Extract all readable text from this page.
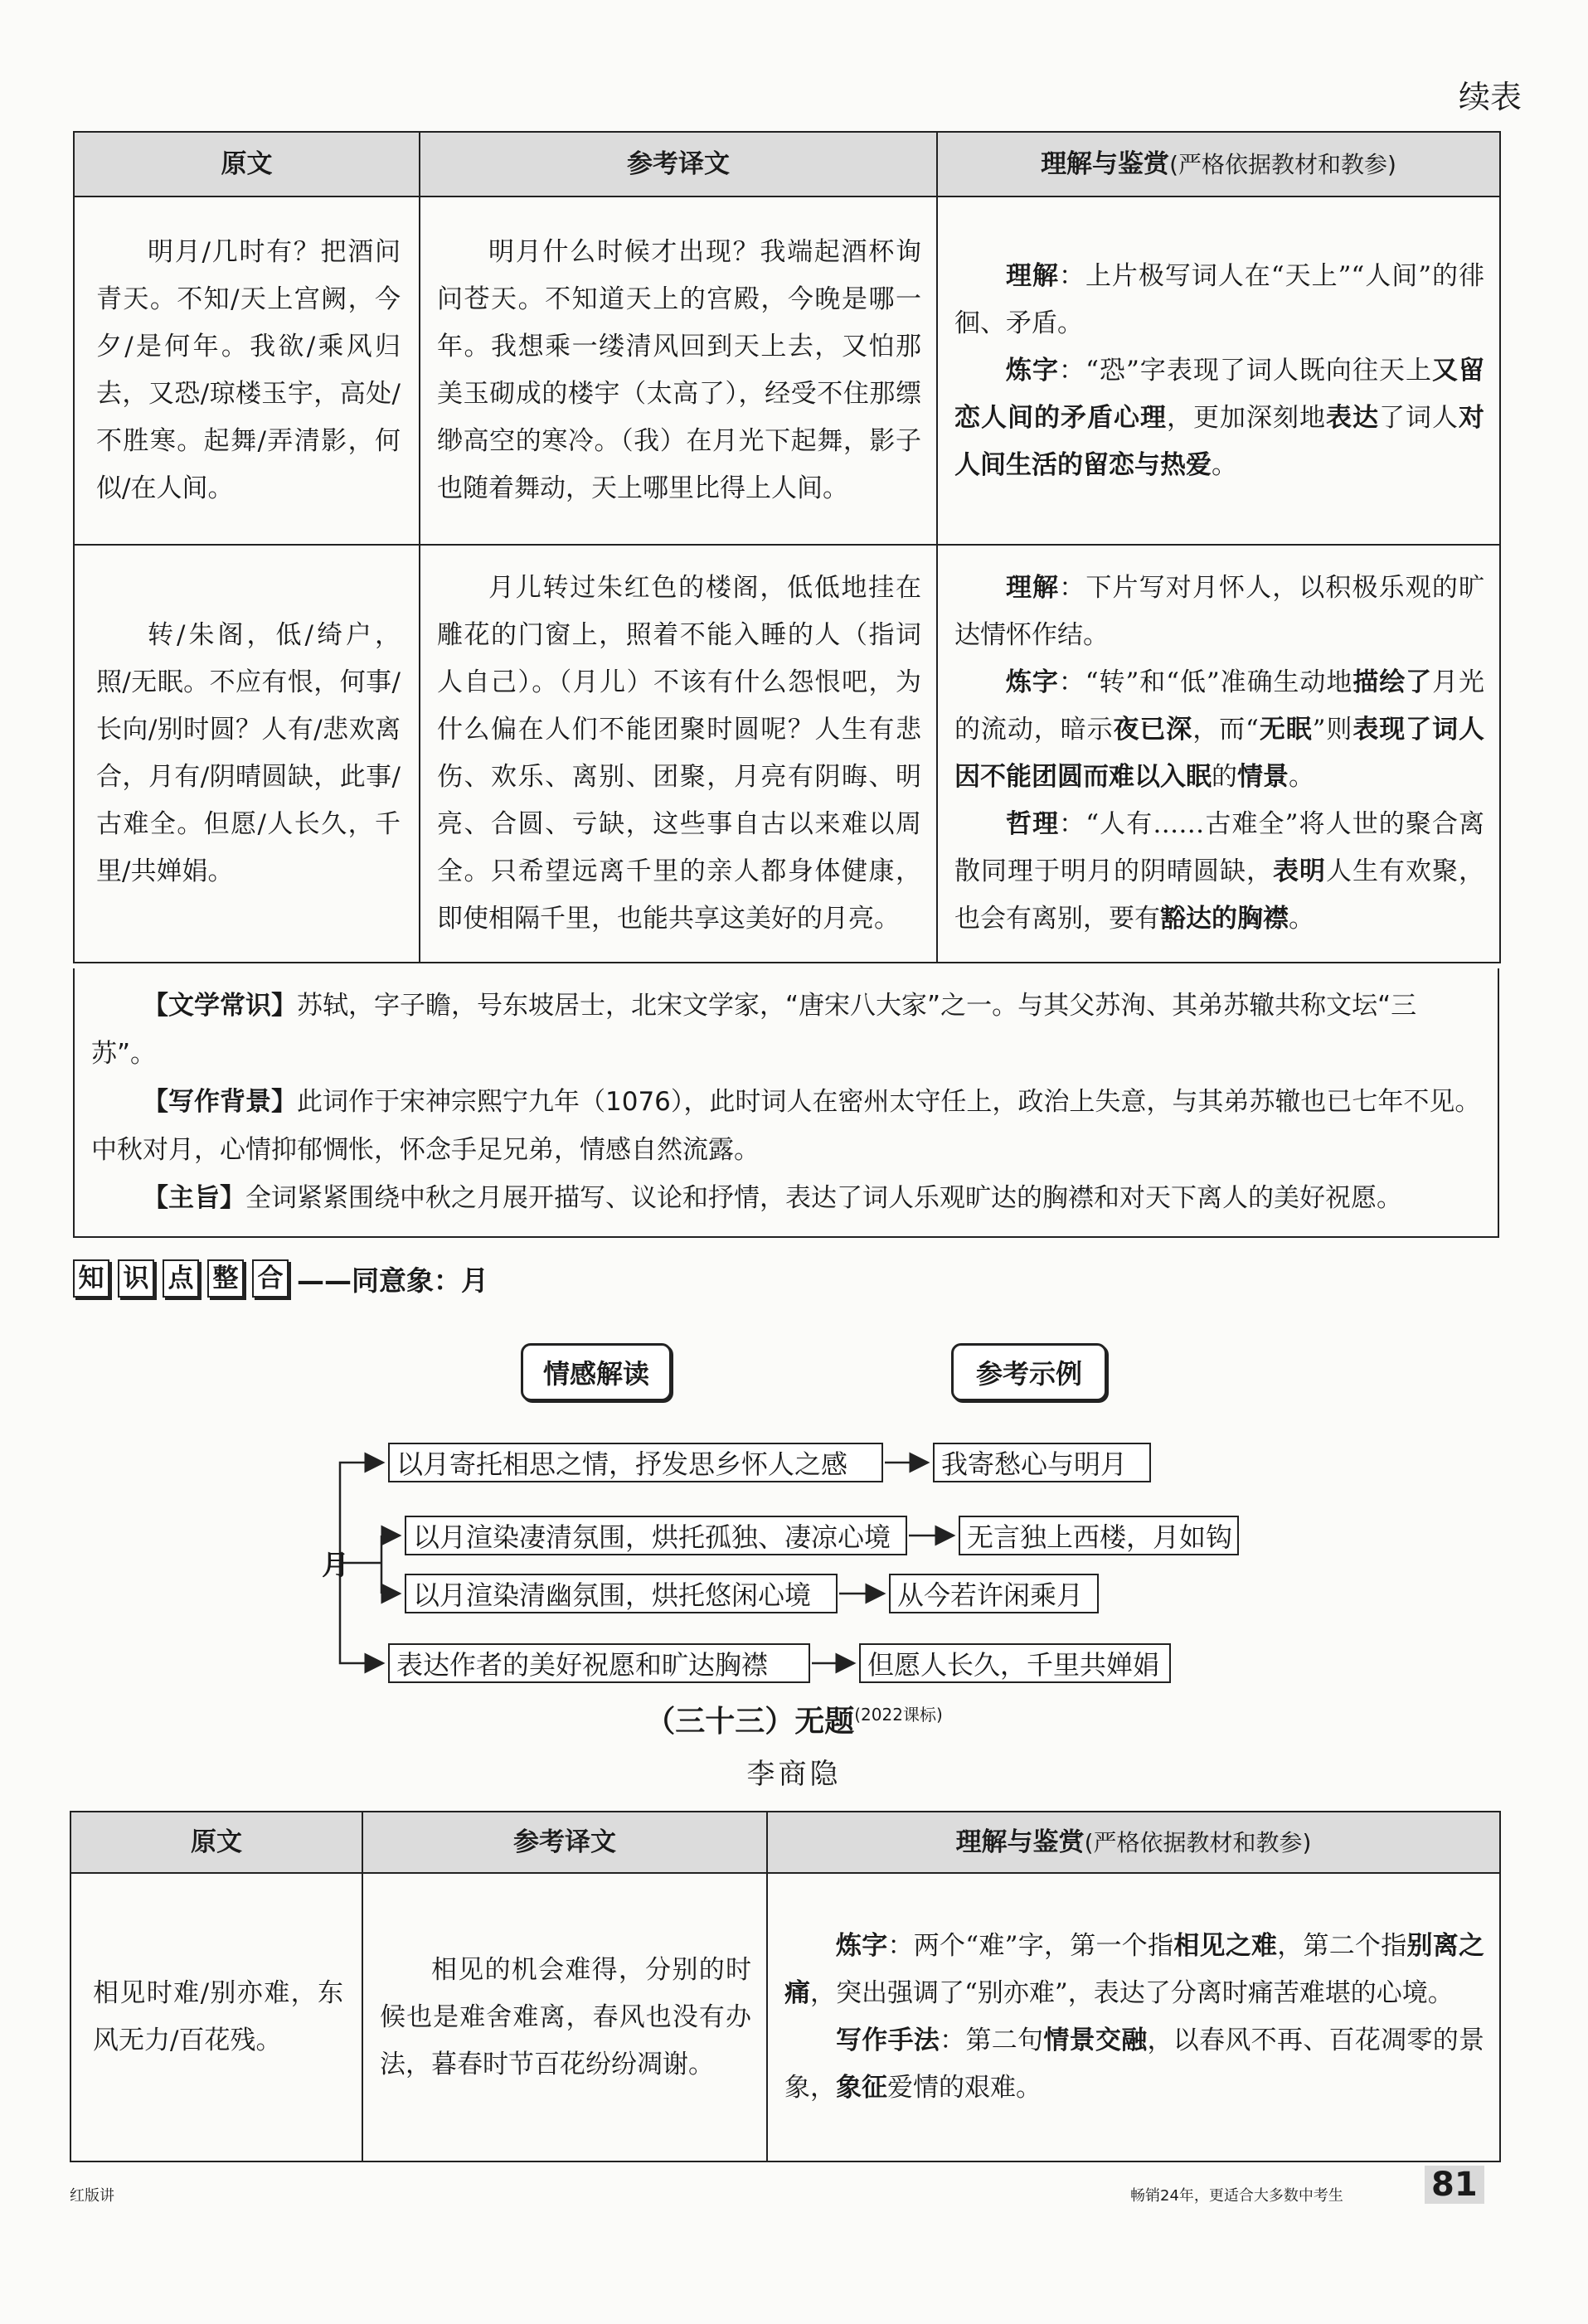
续表
原文	参考译文	理解与鉴赏(严格依据教材和教参)

明月/几时有？把酒问青天。不知/天上宫阙，今夕/是何年。我欲/乘风归去，又恐/琼楼玉宇，高处/不胜寒。起舞/弄清影，何似/在人间。	明月什么时候才出现？我端起酒杯询问苍天。不知道天上的宫殿，今晚是哪一年。我想乘一缕清风回到天上去，又怕那美玉砌成的楼宇（太高了），经受不住那缥缈高空的寒冷。（我）在月光下起舞，影子也随着舞动，天上哪里比得上人间。	理解：上片极写词人在“天上”“人间”的徘徊、矛盾。
炼字：“恐”字表现了词人既向往天上又留恋人间的矛盾心理，更加深刻地表达了词人对人间生活的留恋与热爱。

转/朱阁，低/绮户，照/无眠。不应有恨，何事/长向/别时圆？人有/悲欢离合，月有/阴晴圆缺，此事/古难全。但愿/人长久，千里/共婵娟。	月儿转过朱红色的楼阁，低低地挂在雕花的门窗上，照着不能入睡的人（指词人自己）。（月儿）不该有什么怨恨吧，为什么偏在人们不能团聚时圆呢？人生有悲伤、欢乐、离别、团聚，月亮有阴晦、明亮、合圆、亏缺，这些事自古以来难以周全。只希望远离千里的亲人都身体健康，即使相隔千里，也能共享这美好的月亮。	理解：下片写对月怀人，以积极乐观的旷达情怀作结。
炼字：“转”和“低”准确生动地描绘了月光的流动，暗示夜已深，而“无眠”则表现了词人因不能团圆而难以入眠的情景。
哲理：“人有……古难全”将人世的聚合离散同理于明月的阴晴圆缺，表明人生有欢聚，也会有离别，要有豁达的胸襟。

【文学常识】苏轼，字子瞻，号东坡居士，北宋文学家，“唐宋八大家”之一。与其父苏洵、其弟苏辙共称文坛“三苏”。

【写作背景】此词作于宋神宗熙宁九年（1076），此时词人在密州太守任上，政治上失意，与其弟苏辙也已七年不见。中秋对月，心情抑郁惆怅，怀念手足兄弟，情感自然流露。

【主旨】全词紧紧围绕中秋之月展开描写、议论和抒情，表达了词人乐观旷达的胸襟和对天下离人的美好祝愿。

知 识 点 整 合 ——同意象：月
情感解读	参考示例
月
以月寄托相思之情，抒发思乡怀人之感
以月渲染凄清氛围，烘托孤独、凄凉心境
以月渲染清幽氛围，烘托悠闲心境
表达作者的美好祝愿和旷达胸襟
我寄愁心与明月
无言独上西楼，月如钩
从今若许闲乘月
但愿人长久，千里共婵娟
（三十三）无题$^{(2022课标)}$
李商隐
原文	参考译文	理解与鉴赏(严格依据教材和教参)
相见时难/别亦难，东风无力/百花残。	相见的机会难得，分别的时候也是难舍难离，春风也没有办法，暮春时节百花纷纷凋谢。	炼字：两个“难”字，第一个指相见之难，第二个指别离之痛，突出强调了“别亦难”，表达了分离时痛苦难堪的心境。
写作手法：第二句情景交融，以春风不再、百花凋零的景象，象征爱情的艰难。
红版讲	畅销24年，更适合大多数中考生	81
